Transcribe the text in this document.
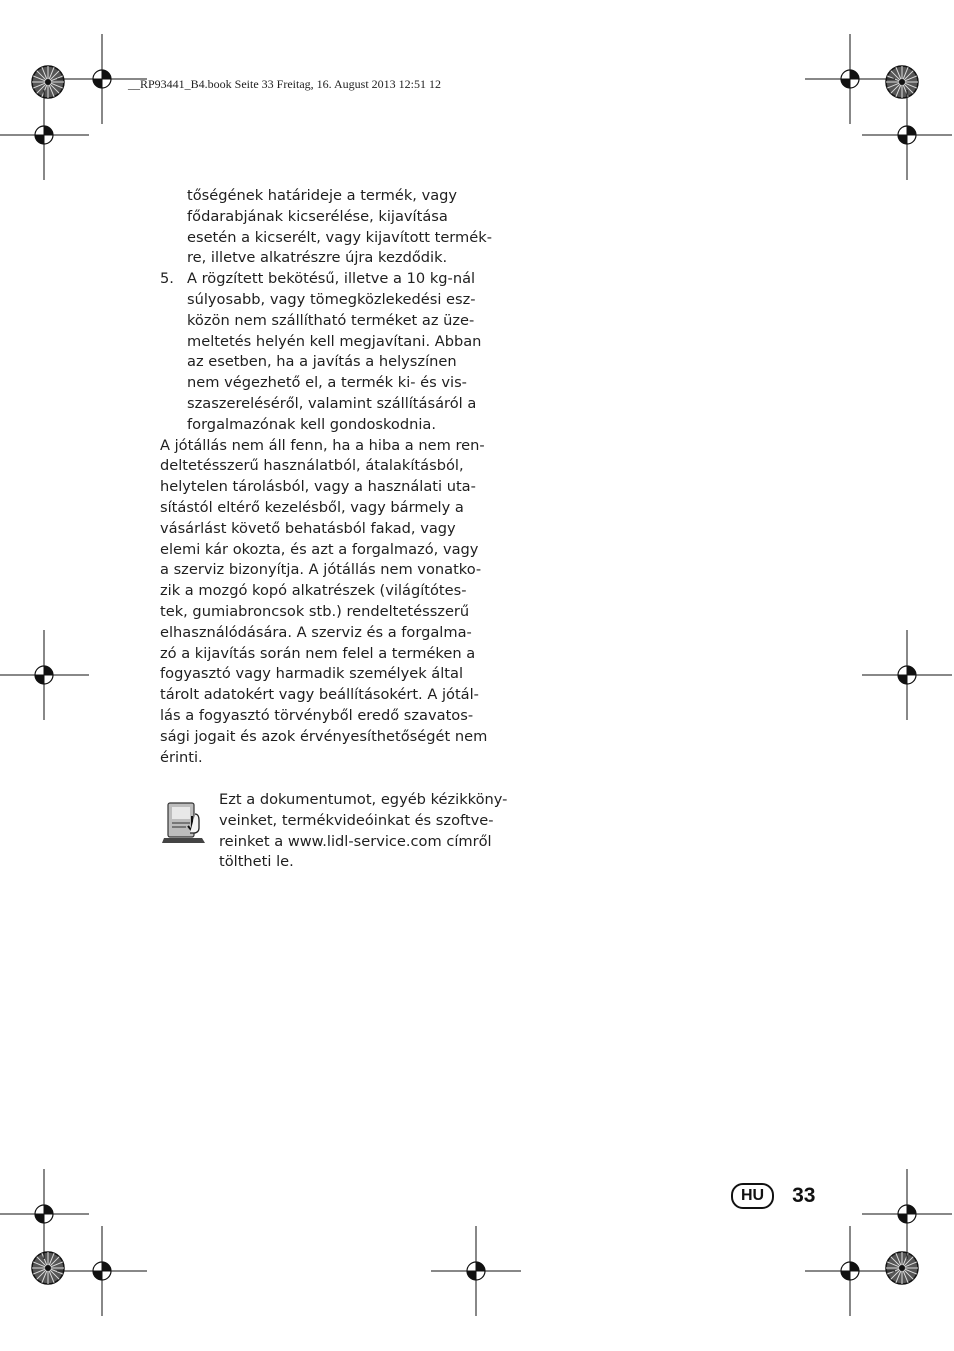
__RP93441_B4.book Seite 33 Freitag, 16. August 2013 12:51 12

tőségének határideje a termék, vagy
fődarabjának kicserélése, kijavítása
esetén a kicserélt, vagy kijavított termék-
re, illetve alkatrészre újra kezdődik.

5. A rögzített bekötésű, illetve a 10 kg-nál
súlyosabb, vagy tömegközlekedési esz-
közön nem szállítható terméket az üze-
meltetés helyén kell megjavítani. Abban
az esetben, ha a javítás a helyszínen
nem végezhető el, a termék ki- és vis-
szaszereléséről, valamint szállításáról a
forgalmazónak kell gondoskodnia.

A jótállás nem áll fenn, ha a hiba a nem ren-
deltetésszerű használatból, átalakításból,
helytelen tárolásból, vagy a használati uta-
sítástól eltérő kezelésből, vagy bármely a
vásárlást követő behatásból fakad, vagy
elemi kár okozta, és azt a forgalmazó, vagy
a szerviz bizonyítja. A jótállás nem vonatko-
zik a mozgó kopó alkatrészek (világítótes-
tek, gumiabroncsok stb.) rendeltetésszerű
elhasználódására. A szerviz és a forgalma-
zó a kijavítás során nem felel a terméken a
fogyasztó vagy harmadik személyek által
tárolt adatokért vagy beállításokért. A jótál-
lás a fogyasztó törvényből eredő szavatos-
sági jogait és azok érvényesíthetőségét nem
érinti.

Ezt a dokumentumot, egyéb kézikköny-
veinket, termékvideóinkat és szoftve-
reinket a www.lidl-service.com címről
töltheti le.
HU	33
